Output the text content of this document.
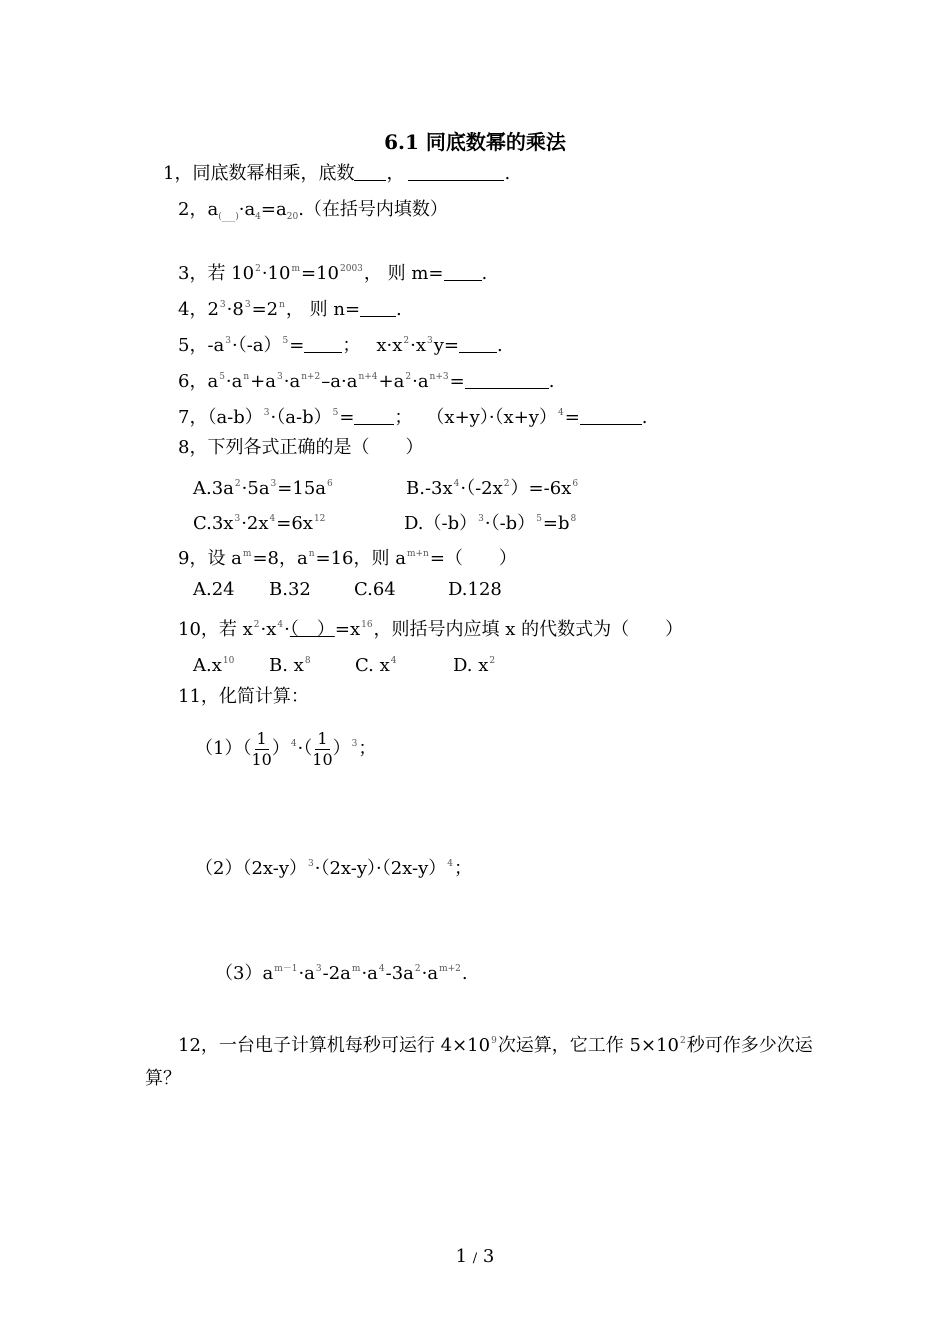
6.1 同底数幂的乘法
1，同底数幂相乘，底数 ，	.
2，$a_{(\_\_\_)}\cdot a_4=a_{20}$.（在括号内填数）
3，若 $10^2\cdot 10^m=10^{2003}$， 则 m= .
4，$2^3\cdot 8^3=2^n$， 则 n= .
5，$-a^3\cdot(-a)^5=$ ； $x\cdot x^2\cdot x^3y=$ .
6，$a^5\cdot a^n+a^3\cdot a^{n+2}-a\cdot a^{n+4}+a^2\cdot a^{n+3}=$	.
7，$(a-b)^3\cdot(a-b)^5=$ ； $(x+y)\cdot(x+y)^4=$	.
8，下列各式正确的是（　　）
$A.3a^2\cdot 5a^3=15a^6$	$B.-3x^4\cdot(-2x^2)=-6x^6$
$C.3x^3\cdot 2x^4=6x^{12}$	$D.(-b)^3\cdot(-b)^5=b^8$
9，设 $a^m=8$，$a^n=16$，则 $a^{m+n}=$（　　）
A.24 B.32 C.64	D.128
10，若 $x^2\cdot x^4\cdot$（　）$=x^{16}$，则括号内应填 x 的代数式为（　　）
$A.x^{10}$ B. $x^8$ C. $x^4$	D. $x^2$
11，化简计算：
$(1)( \frac{1}{10} )^4\cdot( \frac{1}{10} )^3$；
$(2)(2x-y)^3\cdot(2x-y)\cdot(2x-y)^4$；
$(3)a^{m-1}\cdot a^3-2a^m\cdot a^4-3a^2\cdot a^{m+2}$.
12，一台电子计算机每秒可运行 $4\times 10^9$次运算，它工作 $5\times 10^2$秒可作多少次运
算？
1 / 3
